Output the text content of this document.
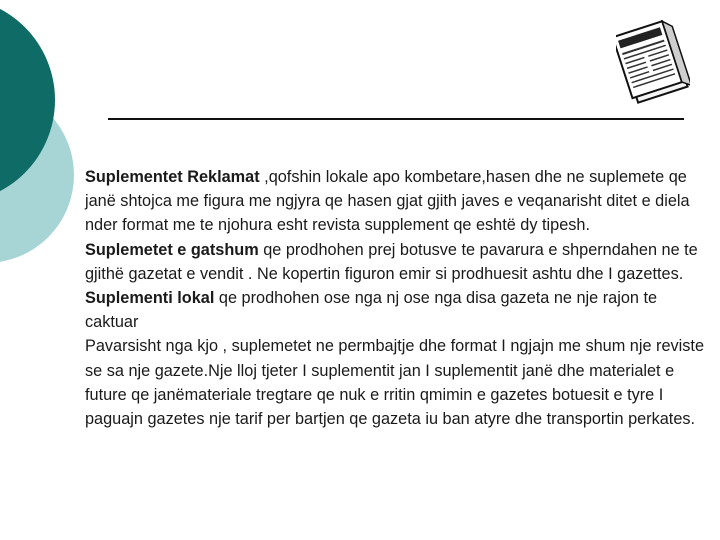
Suplementet Reklamat ,qofshin lokale apo kombetare,hasen dhe ne suplemete qe janë shtojca me figura me ngjyra qe hasen gjat gjith javes e veqanarisht ditet e diela nder format me te njohura esht revista supplement qe eshtë dy tipesh.

Suplemetet e gatshum qe prodhohen prej botusve te pavarura e shperndahen ne te gjithë gazetat e vendit . Ne kopertin figuron emir si prodhuesit ashtu dhe I gazettes.

Suplementi lokal qe prodhohen ose nga nj ose nga disa gazeta ne nje rajon te caktuar

Pavarsisht nga kjo , suplemetet ne permbajtje dhe format I ngjajn me shum nje reviste se sa nje gazete.Nje lloj tjeter I suplementit jan I suplementit janë dhe materialet e future qe janëmateriale tregtare qe nuk e rritin qmimin e gazetes botuesit e tyre I paguajn gazetes nje tarif per bartjen qe gazeta iu ban atyre dhe transportin perkates.
